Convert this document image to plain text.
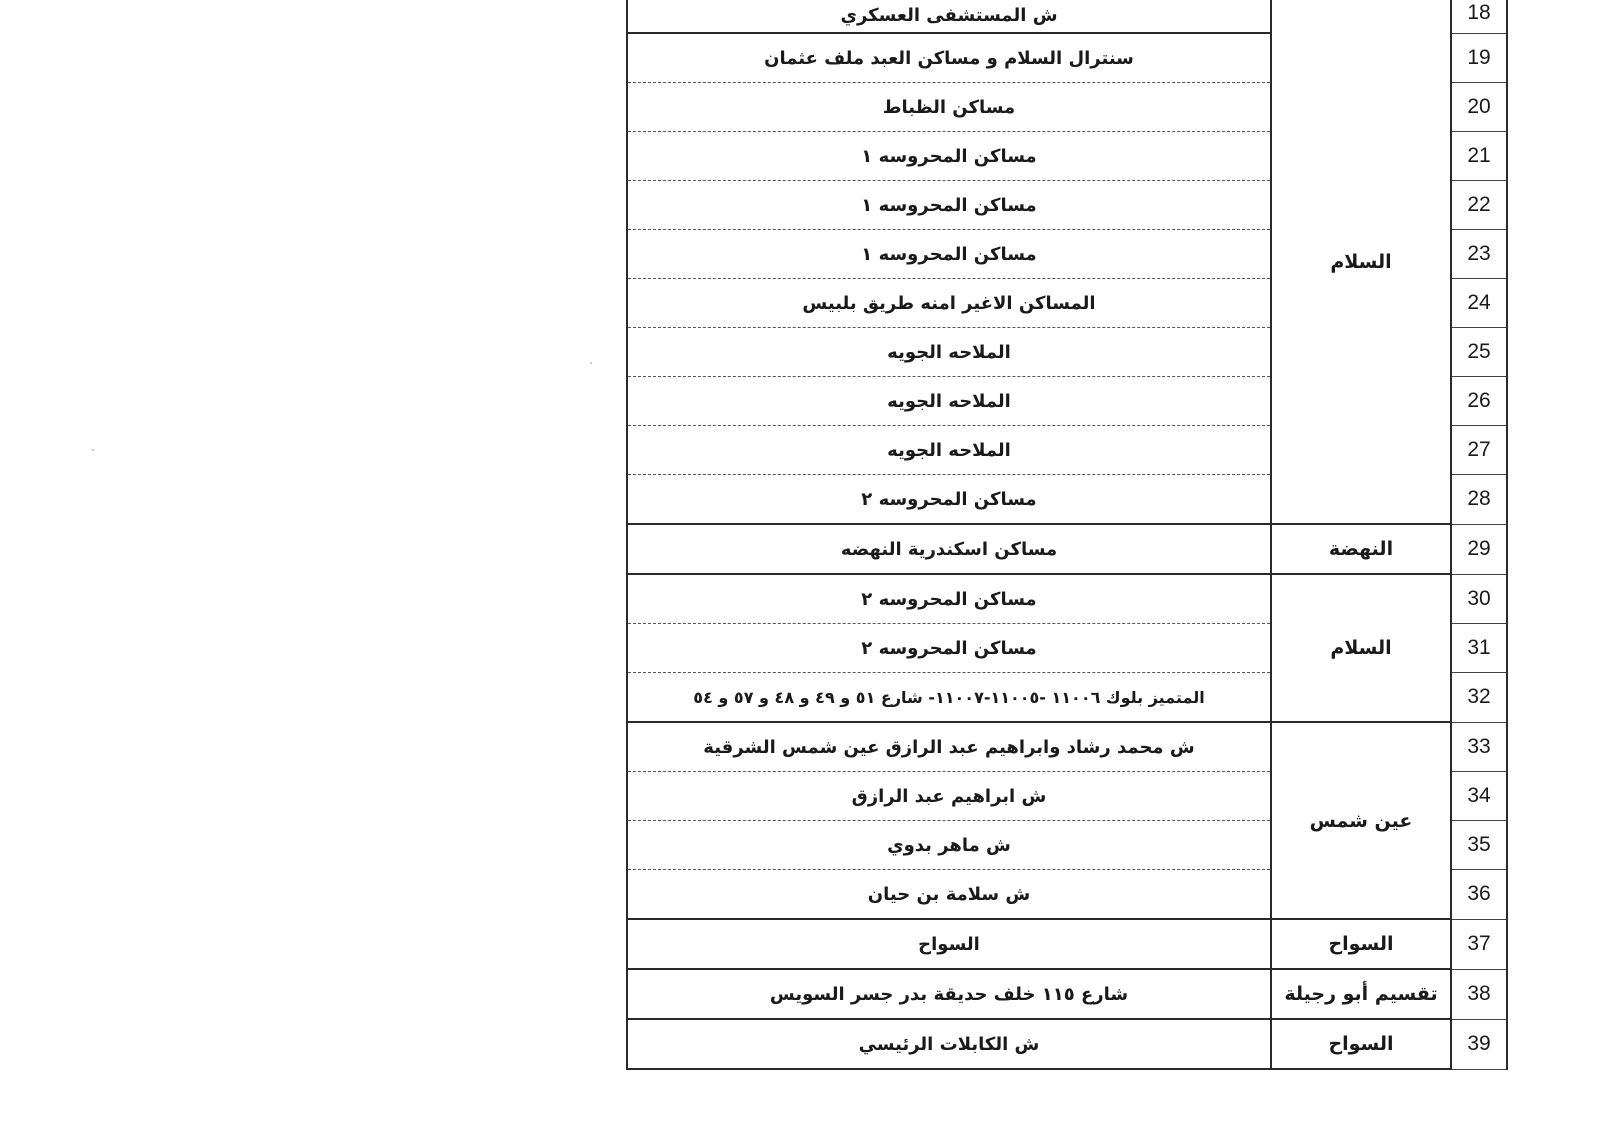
18	السلام	ش المستشفى العسكري

19		سنترال السلام و مساكن العبد ملف عثمان
20		مساكن الظباط
21		مساكن المحروسه ١
22		مساكن المحروسه ١
23		مساكن المحروسه ١
24		المساكن الاغير امنه طريق بلبيس
25		الملاحه الجويه
26		الملاحه الجويه
27		الملاحه الجويه
28		مساكن المحروسه ٢
29	النهضة	مساكن اسكندرية النهضه
30	السلام	مساكن المحروسه ٢
31		مساكن المحروسه ٢
32		المتميز بلوك ١١٠٠٦ -١١٠٠٥-١١٠٠٧- شارع ٥١ و ٤٩ و ٤٨ و ٥٧ و ٥٤
33	عين شمس	ش محمد رشاد وابراهيم عبد الرازق عين شمس الشرقية
34		ش ابراهيم عبد الرازق
35		ش ماهر بدوي
36		ش سلامة بن حيان
37	السواح	السواح
38	تقسيم أبو رجيلة	شارع ١١٥ خلف حديقة بدر جسر السويس
39	السواح	ش الكابلات الرئيسي
